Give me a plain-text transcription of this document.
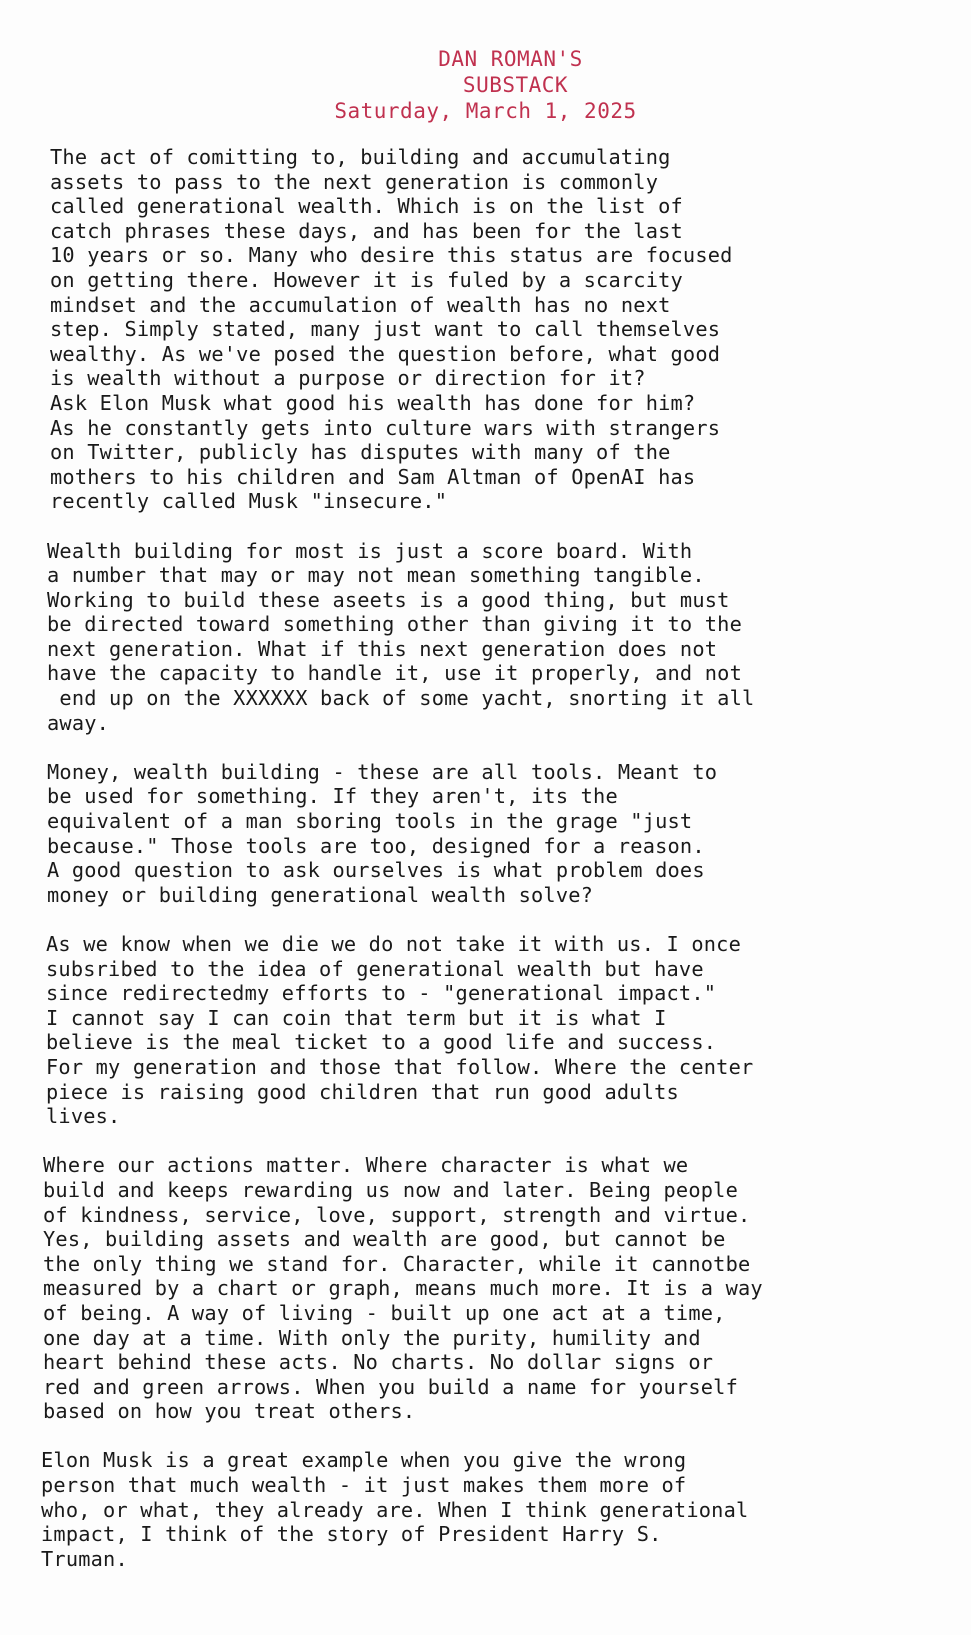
DAN ROMAN'S
SUBSTACK
Saturday, March 1, 2025
The act of comitting to, building and accumulating
assets to pass to the next generation is commonly
called generational wealth. Which is on the list of
catch phrases these days, and has been for the last
10 years or so. Many who desire this status are focused
on getting there. However it is fuled by a scarcity
mindset and the accumulation of wealth has no next
step. Simply stated, many just want to call themselves
wealthy. As we've posed the question before, what good
is wealth without a purpose or direction for it?
Ask Elon Musk what good his wealth has done for him?
As he constantly gets into culture wars with strangers
on Twitter, publicly has disputes with many of the
mothers to his children and Sam Altman of OpenAI has
recently called Musk "insecure."
Wealth building for most is just a score board. With
a number that may or may not mean something tangible.
Working to build these aseets is a good thing, but must
be directed toward something other than giving it to the
next generation. What if this next generation does not
have the capacity to handle it, use it properly, and not
end up on the XXXXXX back of some yacht, snorting it all
away.
Money, wealth building - these are all tools. Meant to
be used for something. If they aren't, its the
equivalent of a man sboring tools in the grage "just
because." Those tools are too, designed for a reason.
A good question to ask ourselves is what problem does
money or building generational wealth solve?
As we know when we die we do not take it with us. I once
subsribed to the idea of generational wealth but have
since redirectedmy efforts to - "generational impact."
I cannot say I can coin that term but it is what I
believe is the meal ticket to a good life and success.
For my generation and those that follow. Where the center
piece is raising good children that run good adults
lives.
Where our actions matter. Where character is what we
build and keeps rewarding us now and later. Being people
of kindness, service, love, support, strength and virtue.
Yes, building assets and wealth are good, but cannot be
the only thing we stand for. Character, while it cannotbe
measured by a chart or graph, means much more. It is a way
of being. A way of living - built up one act at a time,
one day at a time. With only the purity, humility and
heart behind these acts. No charts. No dollar signs or
red and green arrows. When you build a name for yourself
based on how you treat others.
Elon Musk is a great example when you give the wrong
person that much wealth - it just makes them more of
who, or what, they already are. When I think generational
impact, I think of the story of President Harry S.
Truman.
